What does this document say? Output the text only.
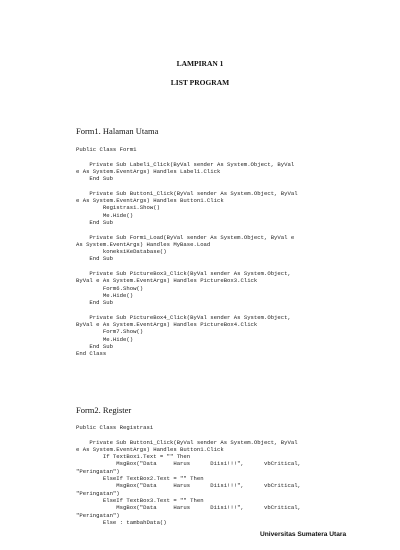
LAMPIRAN 1
LIST PROGRAM
Form1. Halaman Utama
Public Class Form1
Private Sub Label1_Click(ByVal sender As System.Object, ByVal
e As System.EventArgs) Handles Label1.Click
End Sub
Private Sub Button1_Click(ByVal sender As System.Object, ByVal
e As System.EventArgs) Handles Button1.Click
Registrasi.Show()
Me.Hide()
End Sub
Private Sub Form1_Load(ByVal sender As System.Object, ByVal e
As System.EventArgs) Handles MyBase.Load
koneksiKeDatabase()
End Sub
Private Sub PictureBox3_Click(ByVal sender As System.Object,
ByVal e As System.EventArgs) Handles PictureBox3.Click
Form6.Show()
Me.Hide()
End Sub
Private Sub PictureBox4_Click(ByVal sender As System.Object,
ByVal e As System.EventArgs) Handles PictureBox4.Click
Form7.Show()
Me.Hide()
End Sub
End Class
Form2. Register
Public Class Registrasi
Private Sub Button1_Click(ByVal sender As System.Object, ByVal
e As System.EventArgs) Handles Button1.Click
If TextBox1.Text = "" Then
MsgBox("Data     Harus      Diisi!!!",      vbCritical,
"Peringatan")
ElseIf TextBox2.Text = "" Then
MsgBox("Data     Harus      Diisi!!!",      vbCritical,
"Peringatan")
ElseIf TextBox3.Text = "" Then
MsgBox("Data     Harus      Diisi!!!",      vbCritical,
"Peringatan")
Else : tambahData()
Universitas Sumatera Utara
